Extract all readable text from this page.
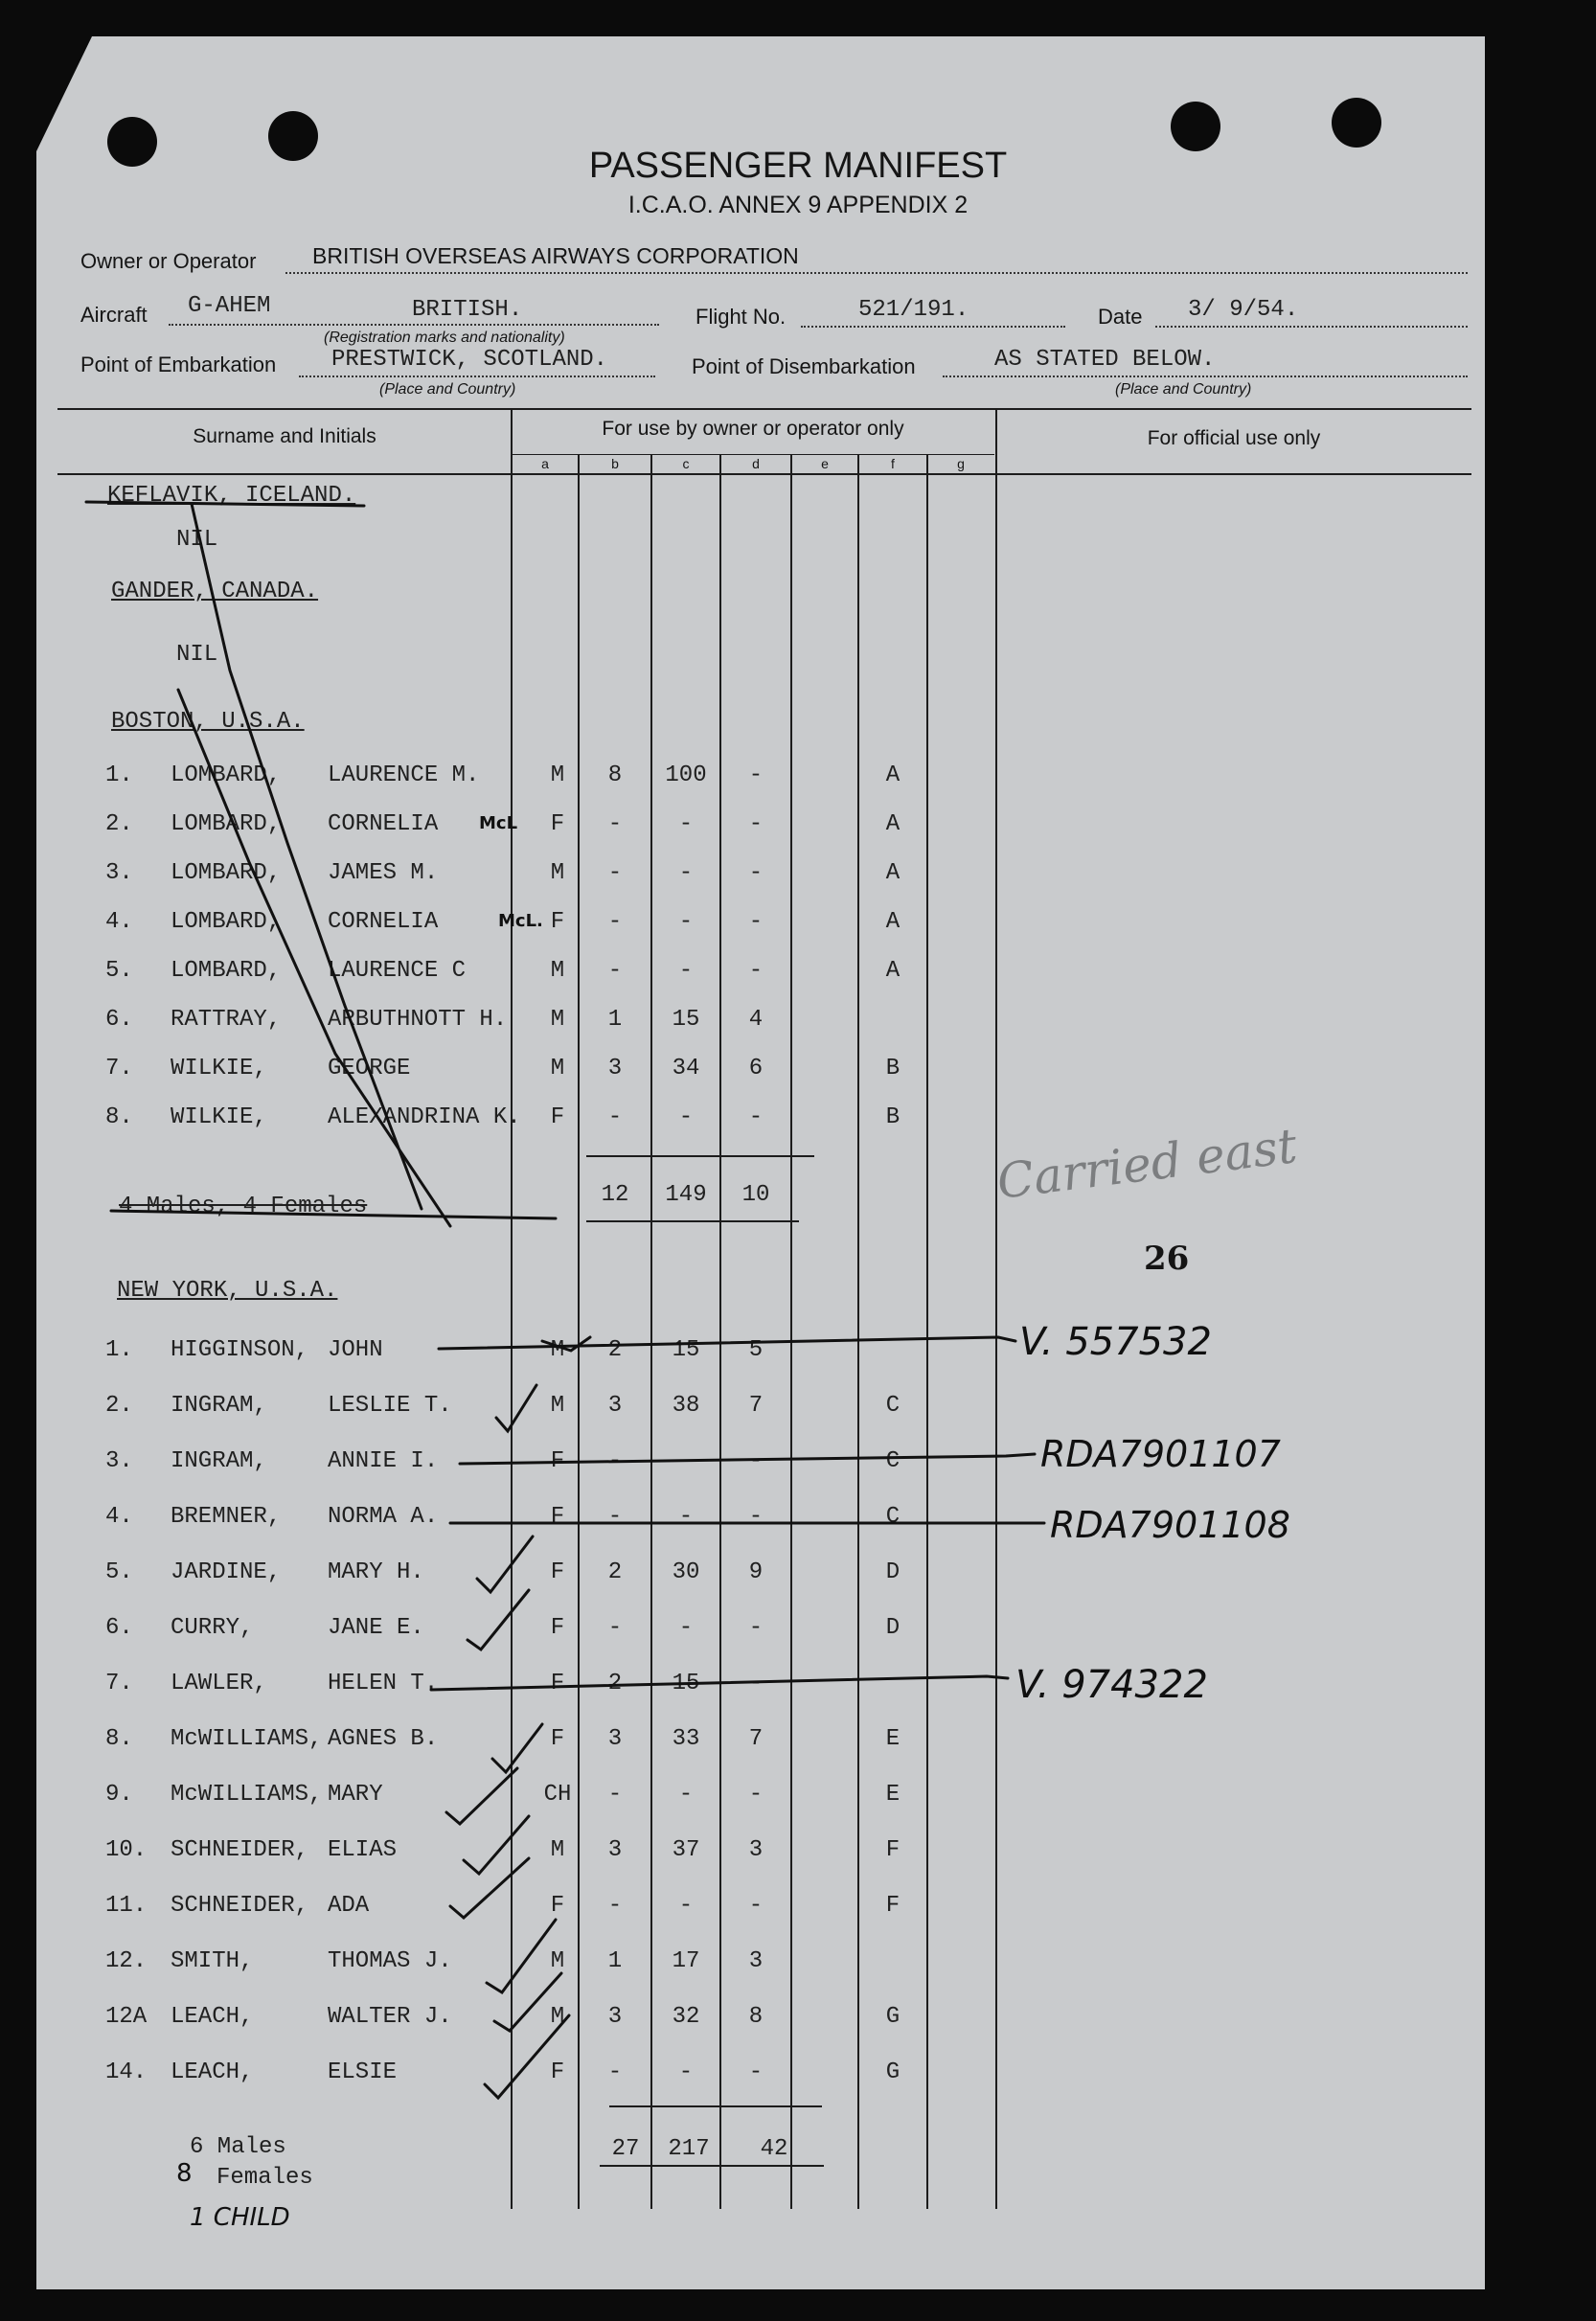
PASSENGER MANIFEST
I.C.A.O. ANNEX 9 APPENDIX 2
Owner or Operator	BRITISH OVERSEAS AIRWAYS CORPORATION
Aircraft G-AHEM	BRITISH.
(Registration marks and nationality)
Flight No.	521/191.	Date 3/ 9/54.
Point of Embarkation PRESTWICK, SCOTLAND.
(Place and Country)
Point of Disembarkation	AS STATED BELOW.
(Place and Country)
Surname and Initials	For use by owner or operator only	For official use only
a	b	c	d	e	f	g
KEFLAVIK, ICELAND.
NIL
GANDER, CANADA.
NIL
BOSTON, U.S.A.
1.	LOMBARD,	LAURENCE M.	M	8	100	-	A
2.	LOMBARD,	CORNELIA	F	-	-	-	A
McL
3.	LOMBARD,	JAMES M.	M	-	-	-	A
4.	LOMBARD,	CORNELIA	F	-	-	-	A
McL.
5.	LOMBARD,	LAURENCE C	M	-	-	-	A
6.	RATTRAY,	ARBUTHNOTT H.	M	1	15	4
7.	WILKIE,	GEORGE	M	3	34	6	B
8.	WILKIE,	ALEXANDRINA K.	F	-	-	-	B
12	149	10
4 Males, 4 Females
NEW YORK, U.S.A.
1.	HIGGINSON, JOHN	M	2	15	5
2.	INGRAM,	LESLIE T.	M	3	38	7	C
3.	INGRAM,	ANNIE I.	F	-	-	-	C
4.	BREMNER,	NORMA A.	F	-	-	-	C
5.	JARDINE,	MARY H.	F	2	30	9	D
6.	CURRY,	JANE E.	F	-	-	-	D
7.	LAWLER,	HELEN T.	F	2	15	-
8.	McWILLIAMS, AGNES B.	F	3	33	7	E
9.	McWILLIAMS, MARY	CH	-	-	-	E
10. SCHNEIDER, ELIAS	M	3	37	3	F
11. SCHNEIDER, ADA	F	-	-	-	F
12. SMITH,	THOMAS J.	M	1	17	3
12A LEACH,	WALTER J.	M	3	32	8	G
14. LEACH,	ELSIE	F	-	-	-	G
27	217	42
6 Males
8 Females
1 CHILD
Carried east
26
V. 557532
RDA7901107
RDA7901108
V. 974322
